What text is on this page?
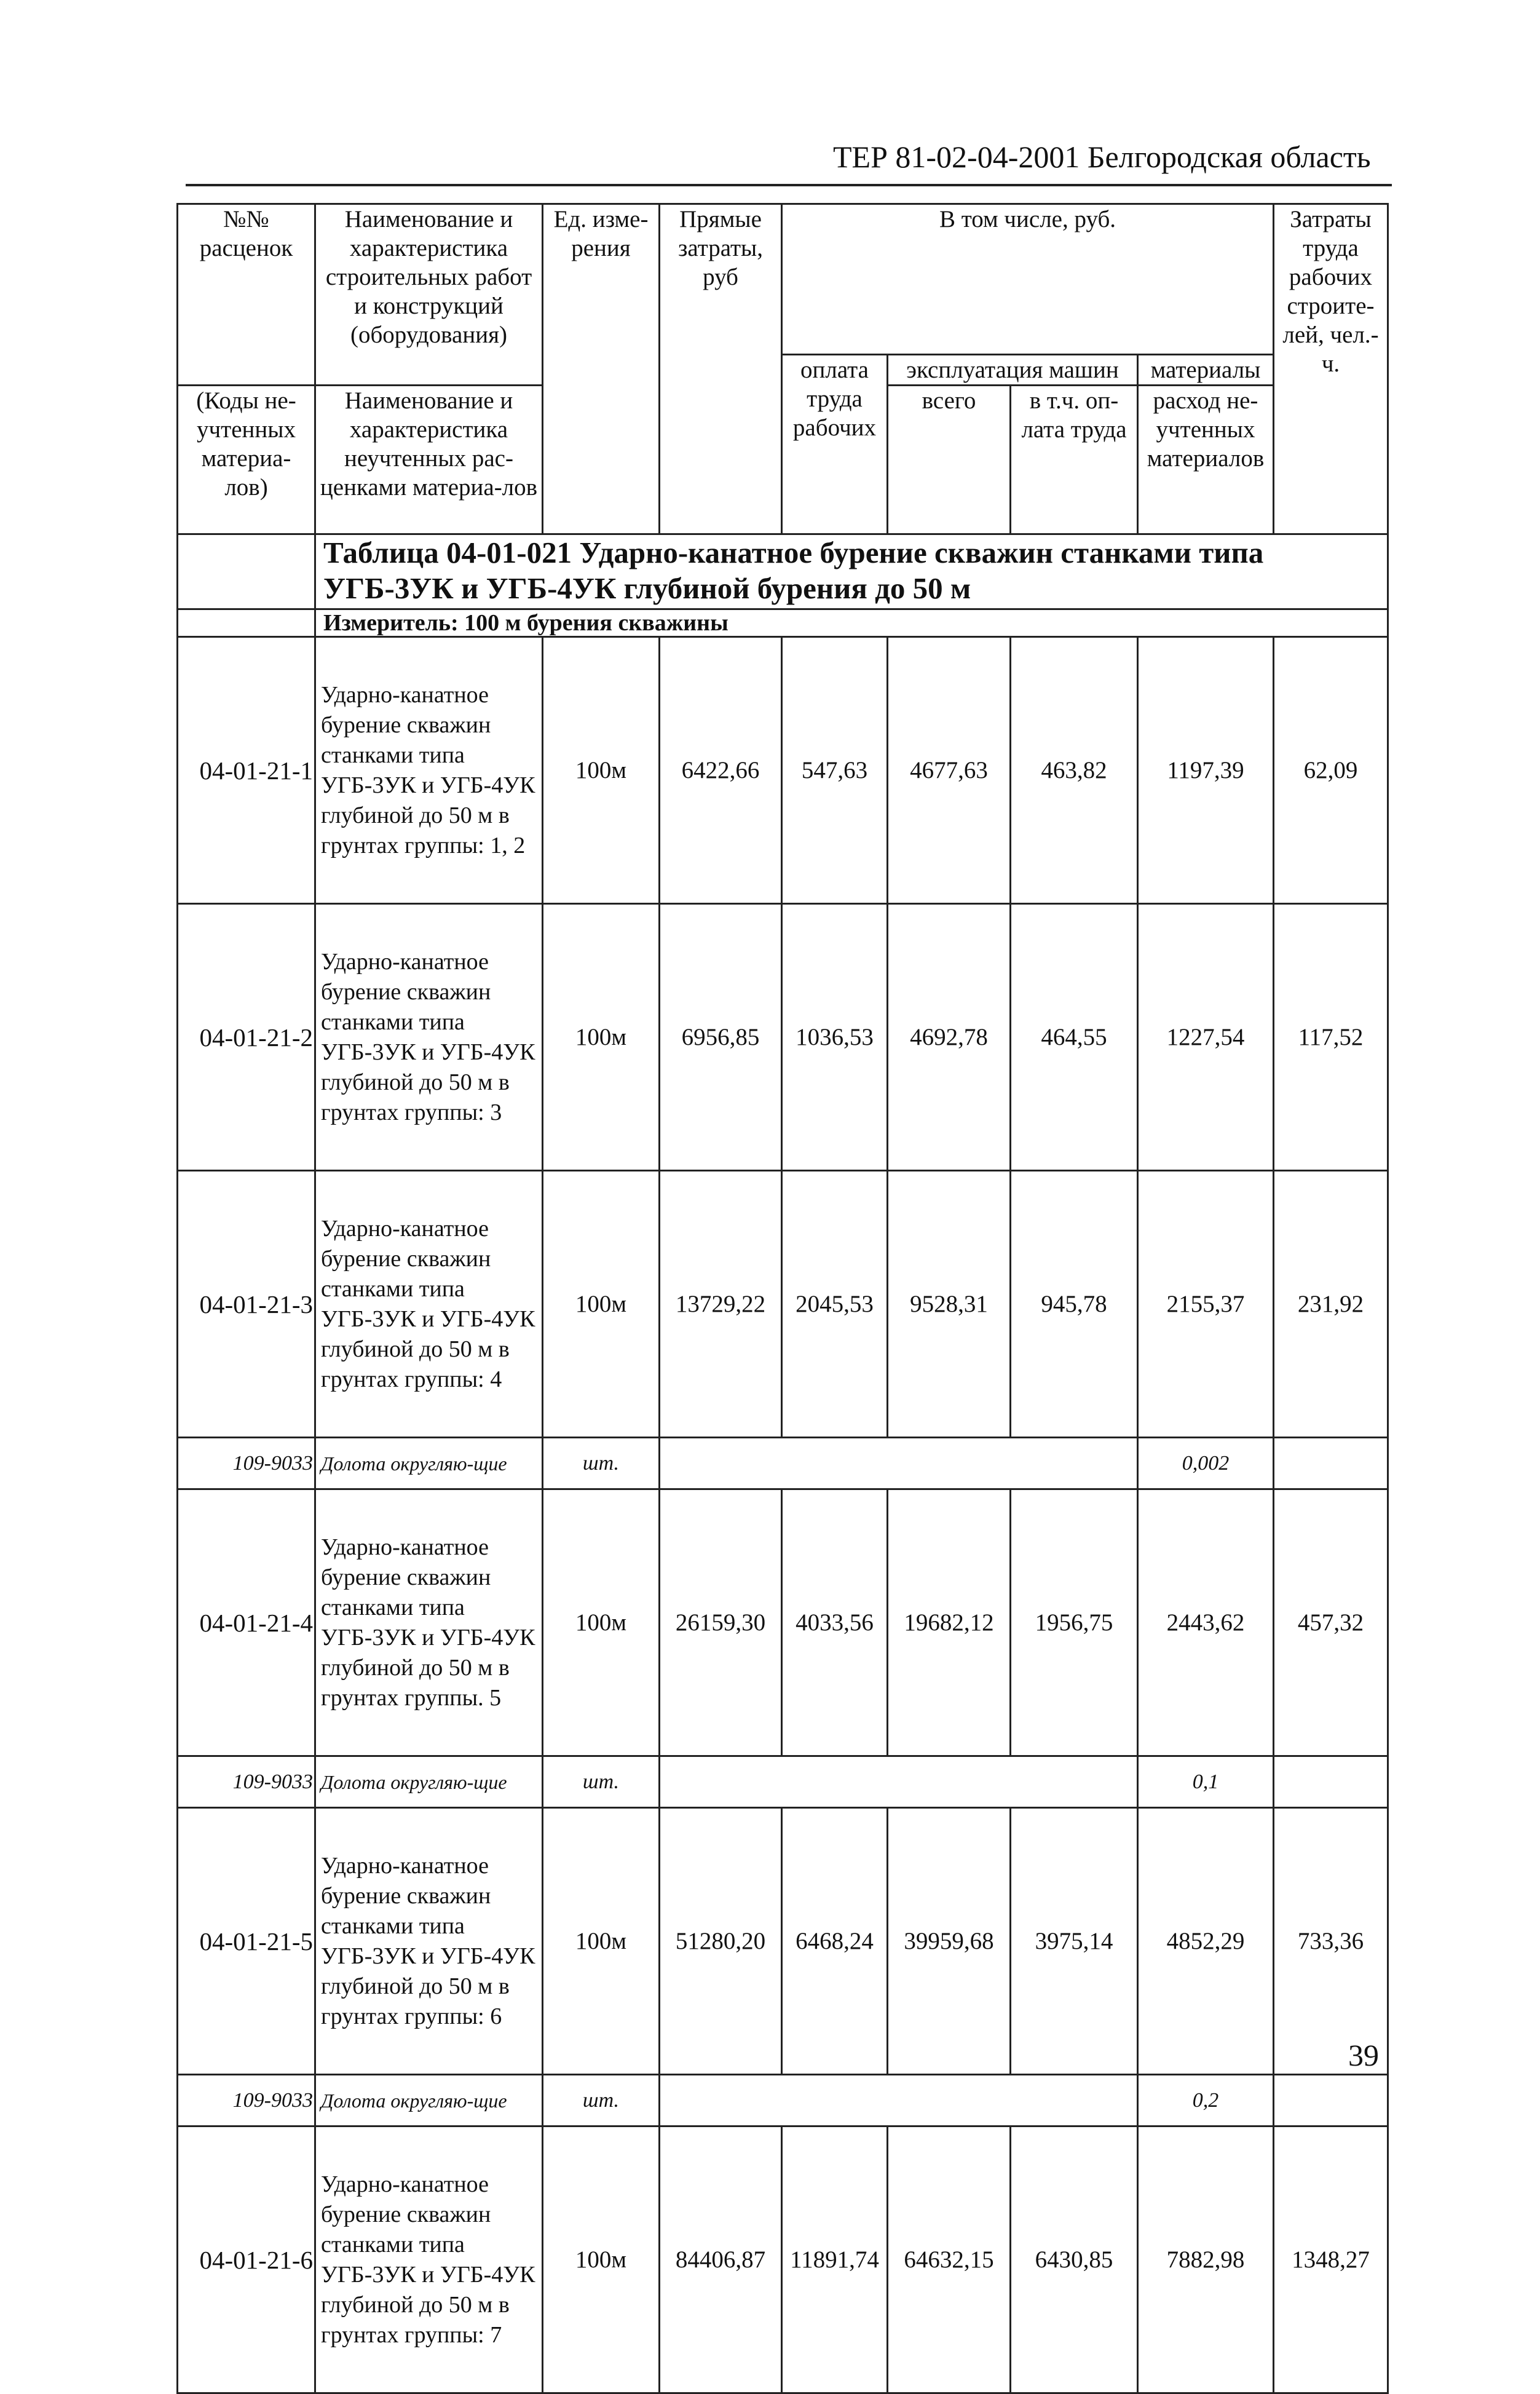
ТЕР 81-02-04-2001 Белгородская область
№№ расценок	Наименование и характеристика строительных работ и конструкций (оборудования)	Ед. изме-рения	Прямые затраты, руб	В том числе, руб.				Затраты труда рабочих строите-лей, чел.-ч.
				оплата труда рабочих	эксплуатация машин		материалы	
(Коды не-учтенных материа-лов)	Наименование и характеристика неучтенных рас-ценками материа-лов				всего	в т.ч. оп-лата труда	расход не-учтенных материалов	
	Таблица 04-01-021 Ударно-канатное бурение скважин станками типа УГБ-3УК и УГБ-4УК глубиной бурения до 50 м							
	Измеритель: 100 м бурения скважины							
04-01-21-1	Ударно-канатное бурение скважин станками типа УГБ-3УК и УГБ-4УК глубиной до 50 м в грунтах группы: 1, 2	100м	6422,66	547,63	4677,63	463,82	1197,39	62,09
04-01-21-2	Ударно-канатное бурение скважин станками типа УГБ-3УК и УГБ-4УК глубиной до 50 м в грунтах группы: 3	100м	6956,85	1036,53	4692,78	464,55	1227,54	117,52
04-01-21-3	Ударно-канатное бурение скважин станками типа УГБ-3УК и УГБ-4УК глубиной до 50 м в грунтах группы: 4	100м	13729,22	2045,53	9528,31	945,78	2155,37	231,92
109-9033	Долота округляю-щие	шт.					0,002	
04-01-21-4	Ударно-канатное бурение скважин станками типа УГБ-3УК и УГБ-4УК глубиной до 50 м в грунтах группы. 5	100м	26159,30	4033,56	19682,12	1956,75	2443,62	457,32
109-9033	Долота округляю-щие	шт.					0,1	
04-01-21-5	Ударно-канатное бурение скважин станками типа УГБ-3УК и УГБ-4УК глубиной до 50 м в грунтах группы: 6	100м	51280,20	6468,24	39959,68	3975,14	4852,29	733,36
109-9033	Долота округляю-щие	шт.					0,2	
04-01-21-6	Ударно-канатное бурение скважин станками типа УГБ-3УК и УГБ-4УК глубиной до 50 м в грунтах группы: 7	100м	84406,87	11891,74	64632,15	6430,85	7882,98	1348,27
39
